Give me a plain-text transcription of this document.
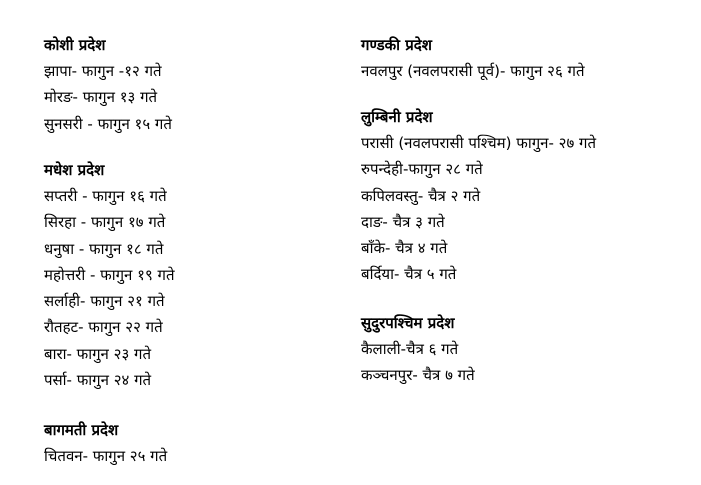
कोशी प्रदेश
झापा- फागुन -१२ गते
मोरङ- फागुन १३ गते
सुनसरी - फागुन १५ गते
मधेश प्रदेश
सप्तरी - फागुन १६ गते
सिरहा - फागुन १७ गते
धनुषा - फागुन १८ गते
महोत्तरी - फागुन १९ गते
सर्लाही- फागुन २१ गते
रौतहट- फागुन २२ गते
बारा- फागुन २३ गते
पर्सा- फागुन २४ गते
बागमती प्रदेश
चितवन- फागुन २५ गते
गण्डकी प्रदेश
नवलपुर (नवलपरासी पूर्व)- फागुन २६ गते
लुम्बिनी प्रदेश
परासी (नवलपरासी पश्चिम) फागुन- २७ गते
रुपन्देही-फागुन २८ गते
कपिलवस्तु- चैत्र २ गते
दाङ- चैत्र ३ गते
बाँके- चैत्र ४ गते
बर्दिया- चैत्र ५ गते
सुदुरपश्चिम प्रदेश
कैलाली-चैत्र ६ गते
कञ्चनपुर- चैत्र ७ गते
